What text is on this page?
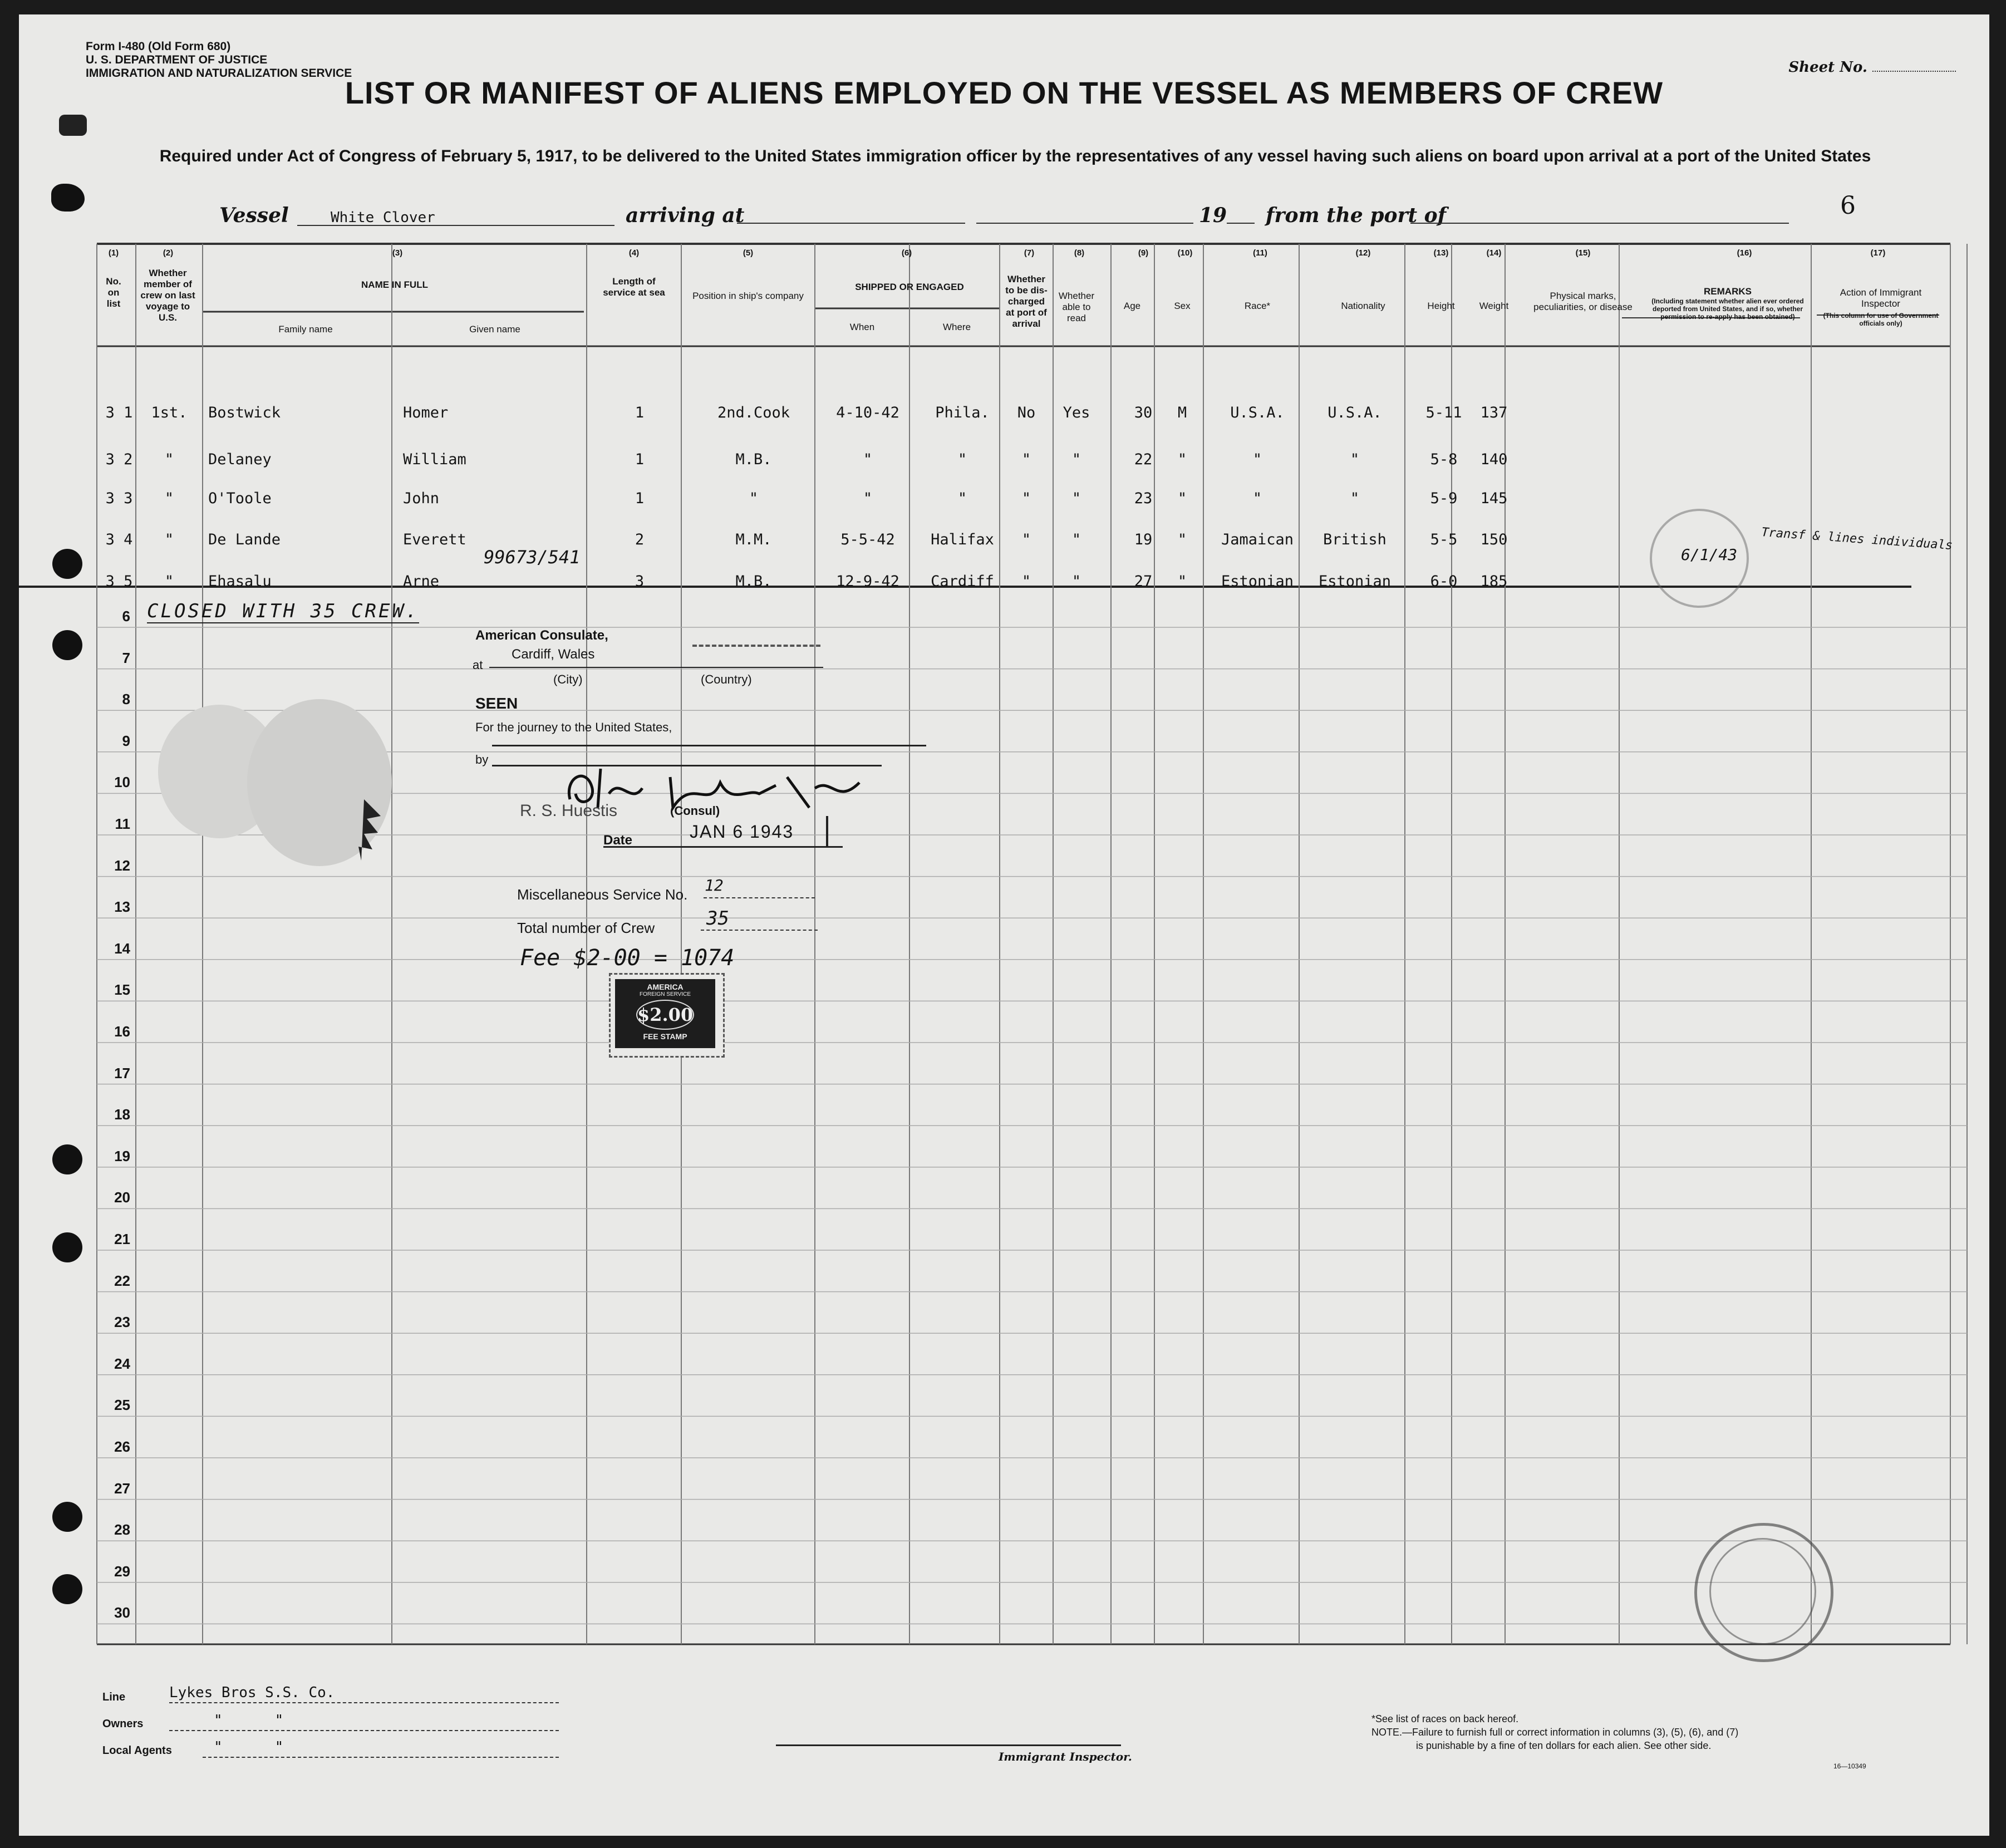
Form I-480 (Old Form 680)
U. S. DEPARTMENT OF JUSTICE
IMMIGRATION AND NATURALIZATION SERVICE	Sheet No.
LIST OR MANIFEST OF ALIENS EMPLOYED ON THE VESSEL AS MEMBERS OF CREW
Required under Act of Congress of February 5, 1917, to be delivered to the United States immigration officer by the representatives of any vessel having such aliens on board upon arrival at a port of the United States
Vessel	White Clover	arriving at	19 from the port of	6
(1)	(2)	(3)	(4)	(5)	(6)	(7)	(8)	(9)	(10)	(11)	(12)	(13)	(14)	(15)	(16)	(17)
No. on list
Whether member of crew on last voyage to U.S.
NAME IN FULL
Family name	Given name
Length of service at sea	Position in ship's company
SHIPPED OR ENGAGED
When	Where
Whether to be dis-charged at port of arrival
Whether able to read
Age	Sex	Race*	Nationality	Height	Weight
Physical marks, peculiarities, or disease
REMARKS
(Including statement whether alien ever ordered deported from United States, and if so, whether permission to re-apply has been obtained)
Action of Immigrant Inspector
(This column for use of Government officials only)
3 1	1st.	Bostwick	Homer	1	2nd.Cook	4-10-42	Phila.	No	Yes	30	M	U.S.A.	U.S.A.	5-11	137
3 2	"	Delaney	William	1	M.B.	"	"	"	"	22	"	"	"	5-8	140
3 3	"	O'Toole	John	1	"	"	"	"	"	23	"	"	"	5-9	145
3 4	"	De Lande	Everett	2	M.M.	5-5-42	Halifax	"	"	19	"	Jamaican	British	5-5	150
3 5	"	Ehasalu	Arne	3	M.B.	12-9-42	Cardiff	"	"	27	"	Estonian	Estonian	6-0	185
99673/541
CLOSED WITH 35 CREW.
Transf & lines individuals
6/1/43
6
7
8
9
10
11
12
13
14
15
16
17
18
19
20
21
22
23
24
25
26
27
28
29
30
American Consulate,
at
Cardiff, Wales
(City)	(Country)
SEEN
For the journey to the United States,
by
R. S. Huestis	(Consul)
Date	JAN 6 1943
Miscellaneous Service No. 12
Total number of Crew	35
Fee $2-00 = 1074
AMERICA
FOREIGN SERVICE
$2.00
FEE STAMP
Line	Lykes Bros S.S. Co.
Owners	"      "
Local Agents	"      "
Immigrant Inspector.
*See list of races on back hereof.
NOTE.—Failure to furnish full or correct information in columns (3), (5), (6), and (7)
is punishable by a fine of ten dollars for each alien. See other side.
16—10349
